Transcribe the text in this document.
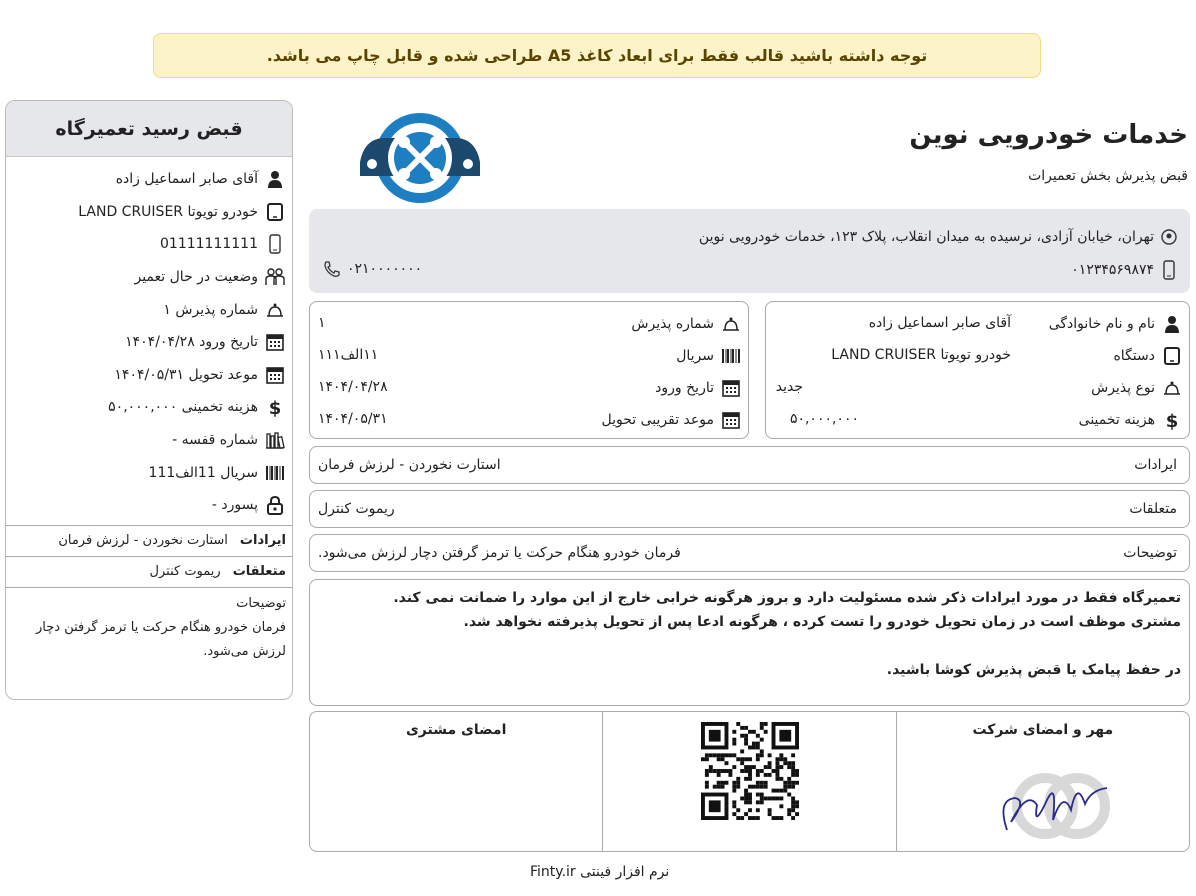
توجه داشته باشید قالب فقط برای ابعاد کاغذ A5 طراحی شده و قابل چاپ می باشد.
قبض رسید تعمیرگاه
آقای صابر اسماعیل زاده
خودرو تویوتا LAND CRUISER
01111111111
وضعیت در حال تعمیر
شماره پذیرش ۱
تاریخ ورود ۱۴۰۴/۰۴/۲۸
موعد تحویل ۱۴۰۴/۰۵/۳۱
$
هزینه تخمینی ۵۰,۰۰۰,۰۰۰
شماره قفسه -
سریال 11الف111
پسورد -
ایرادات
استارت نخوردن - لرزش فرمان
متعلقات
ریموت کنترل
توضیحات
فرمان خودرو هنگام حرکت یا ترمز گرفتن دچار لرزش می‌شود.
خدمات خودرویی نوین
قبض پذیرش بخش تعمیرات
تهران، خیابان آزادی، نرسیده به میدان انقلاب، پلاک ۱۲۳، خدمات خودرویی نوین
۰۱۲۳۴۵۶۹۸۷۴
۰۲۱۰۰۰۰۰۰۰
نام و نام خانوادگی
آقای صابر اسماعیل زاده
دستگاه
خودرو تویوتا LAND CRUISER
نوع پذیرش
جدید
$
هزینه تخمینی
۵۰,۰۰۰,۰۰۰
شماره پذیرش
۱
سریال
۱۱الف۱۱۱
تاریخ ورود
۱۴۰۴/۰۴/۲۸
موعد تقریبی تحویل
۱۴۰۴/۰۵/۳۱
ایرادات
استارت نخوردن - لرزش فرمان
متعلقات
ریموت کنترل
توضیحات
فرمان خودرو هنگام حرکت یا ترمز گرفتن دچار لرزش می‌شود.
تعمیرگاه فقط در مورد ایرادات ذکر شده مسئولیت دارد و بروز هرگونه خرابی خارج از این موارد را ضمانت نمی کند.
مشتری موظف است در زمان تحویل خودرو را تست کرده ، هرگونه ادعا پس از تحویل پذیرفته نخواهد شد.
در حفظ پیامک یا قبض پذیرش کوشا باشید.
مهر و امضای شرکت
امضای مشتری
نرم افزار فینتی Finty.ir
